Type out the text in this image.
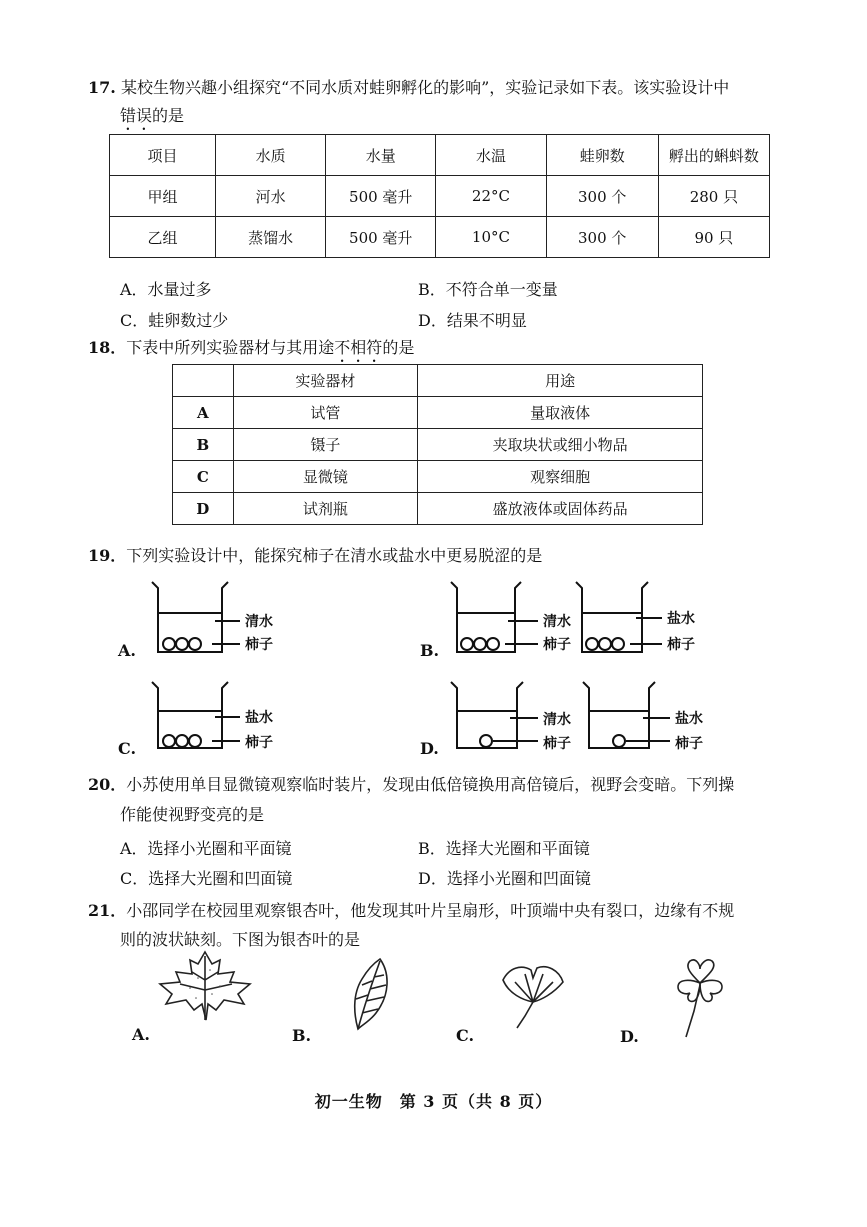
17. 某校生物兴趣小组探究“不同水质对蛙卵孵化的影响”，实验记录如下表。该实验设计中
错误的是
项目	水质	水量	水温	蛙卵数	孵出的蝌蚪数
甲组	河水	500 毫升	22°C	300 个	280 只
乙组	蒸馏水	500 毫升	10°C	300 个	90 只
A．水量过多	B．不符合单一变量
C．蛙卵数过少	D．结果不明显
18．下表中所列实验器材与其用途不相符的是
	实验器材	用途
A	试管	量取液体
B	镊子	夹取块状或细小物品
C	显微镜	观察细胞
D	试剂瓶	盛放液体或固体药品
19．下列实验设计中，能探究柿子在清水或盐水中更易脱涩的是
清水
柿子
A.
清水
柿子
盐水
柿子
B.
盐水
柿子
C.
清水
柿子
盐水
柿子
D.
20．小苏使用单目显微镜观察临时装片，发现由低倍镜换用高倍镜后，视野会变暗。下列操
作能使视野变亮的是
A．选择小光圈和平面镜	B．选择大光圈和平面镜
C．选择大光圈和凹面镜	D．选择小光圈和凹面镜
21．小邵同学在校园里观察银杏叶，他发现其叶片呈扇形，叶顶端中央有裂口，边缘有不规
则的波状缺刻。下图为银杏叶的是
A.	B.	C.	D.
初一生物　第 3 页（共 8 页）
